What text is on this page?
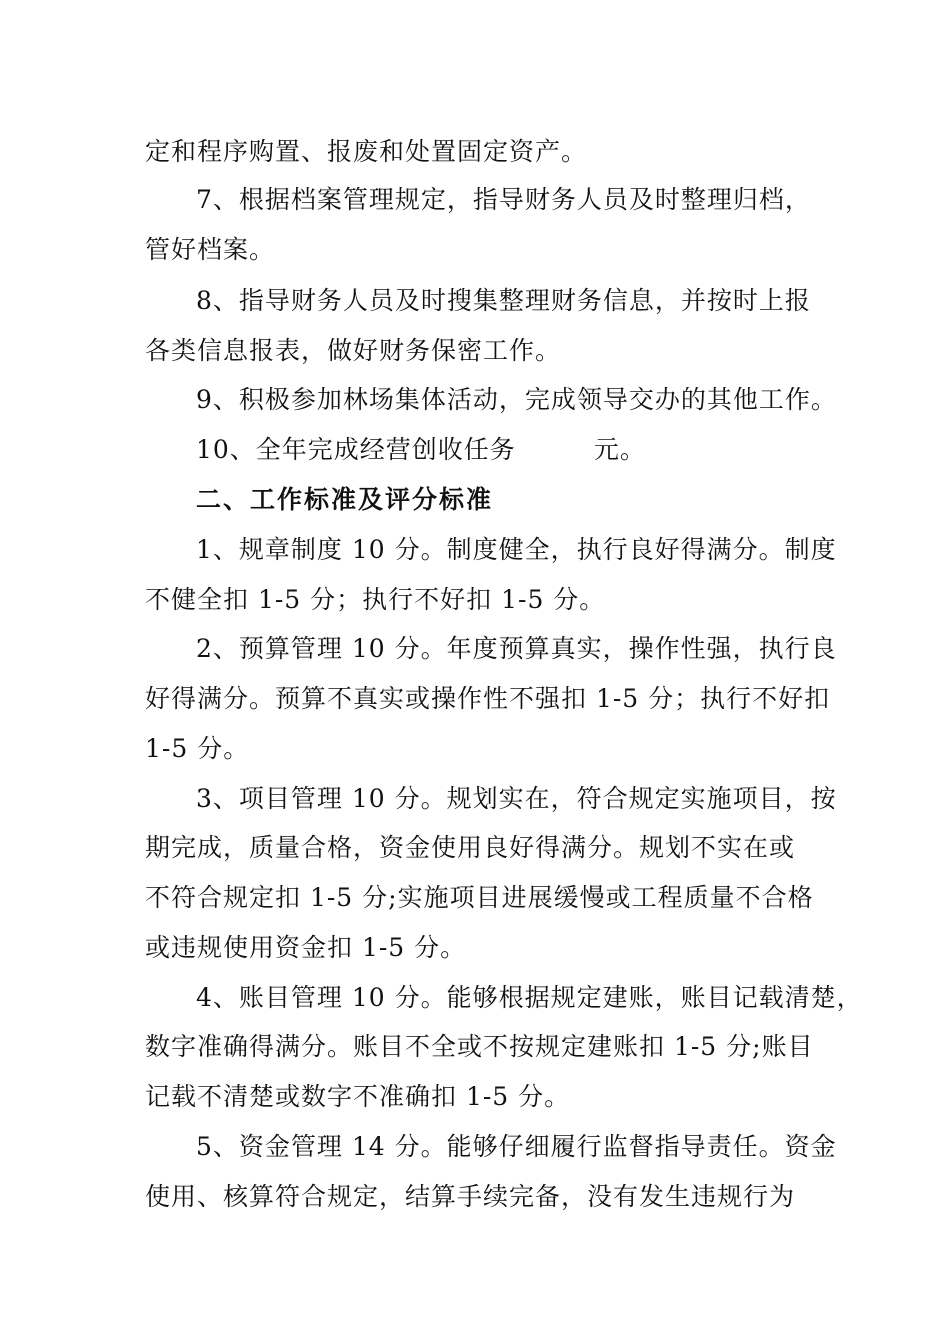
定和程序购置、报废和处置固定资产。
7、根据档案管理规定，指导财务人员及时整理归档，
管好档案。
8、指导财务人员及时搜集整理财务信息，并按时上报
各类信息报表，做好财务保密工作。
9、积极参加林场集体活动，完成领导交办的其他工作。
10、全年完成经营创收任务	元。
二、工作标准及评分标准
1、规章制度 10 分。制度健全，执行良好得满分。制度
不健全扣 1-5 分；执行不好扣 1-5 分。
2、预算管理 10 分。年度预算真实，操作性强，执行良
好得满分。预算不真实或操作性不强扣 1-5 分；执行不好扣
1-5 分。
3、项目管理 10 分。规划实在，符合规定实施项目，按
期完成，质量合格，资金使用良好得满分。规划不实在或
不符合规定扣 1-5 分;实施项目进展缓慢或工程质量不合格
或违规使用资金扣 1-5 分。
4、账目管理 10 分。能够根据规定建账，账目记载清楚，
数字准确得满分。账目不全或不按规定建账扣 1-5 分;账目
记载不清楚或数字不准确扣 1-5 分。
5、资金管理 14 分。能够仔细履行监督指导责任。资金
使用、核算符合规定，结算手续完备，没有发生违规行为
